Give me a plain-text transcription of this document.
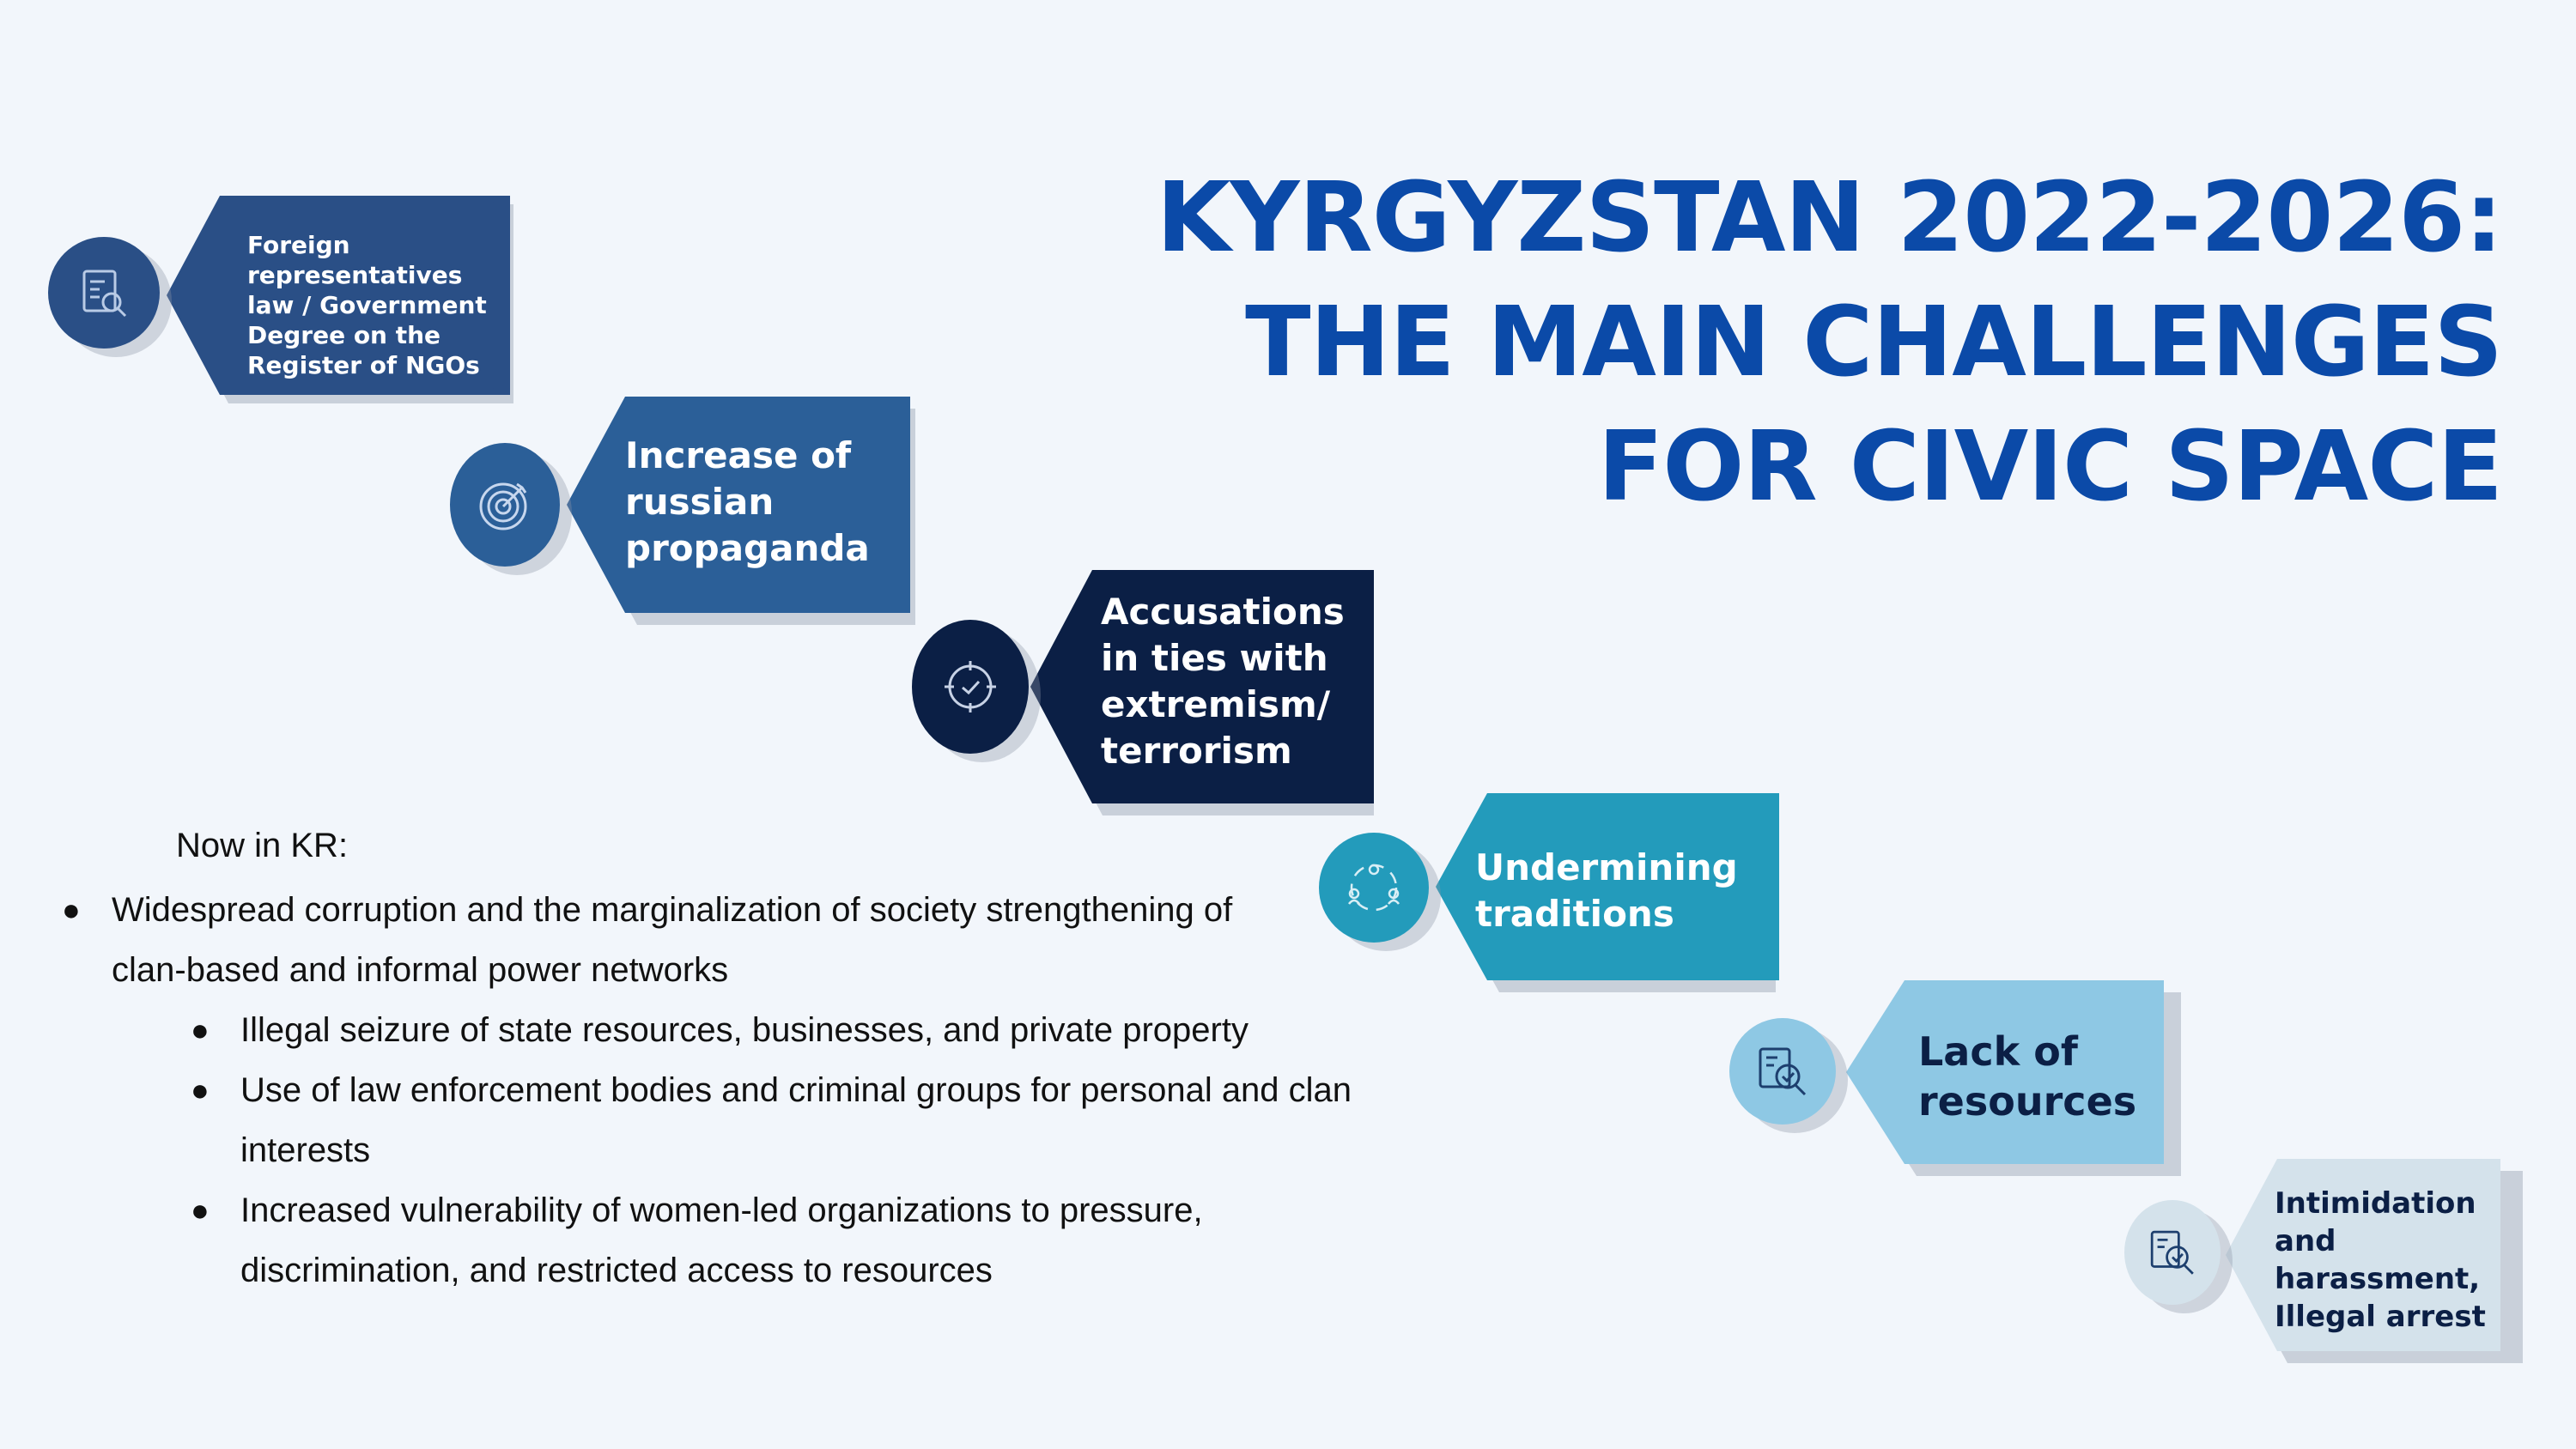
KYRGYZSTAN 2022-2026:
THE MAIN CHALLENGES
FOR CIVIC SPACE

Foreign
representatives
law / Government
Degree on the
Register of NGOs

Increase of
russian
propaganda

Accusations
in ties with
extremism/
terrorism

Undermining
traditions

Lack of
resources

Intimidation
and
harassment,
Illegal arrest

Now in KR:
● Widespread corruption and the marginalization of society strengthening of
clan-based and informal power networks
● Illegal seizure of state resources, businesses, and private property
● Use of law enforcement bodies and criminal groups for personal and clan
interests
● Increased vulnerability of women-led organizations to pressure,
discrimination, and restricted access to resources
